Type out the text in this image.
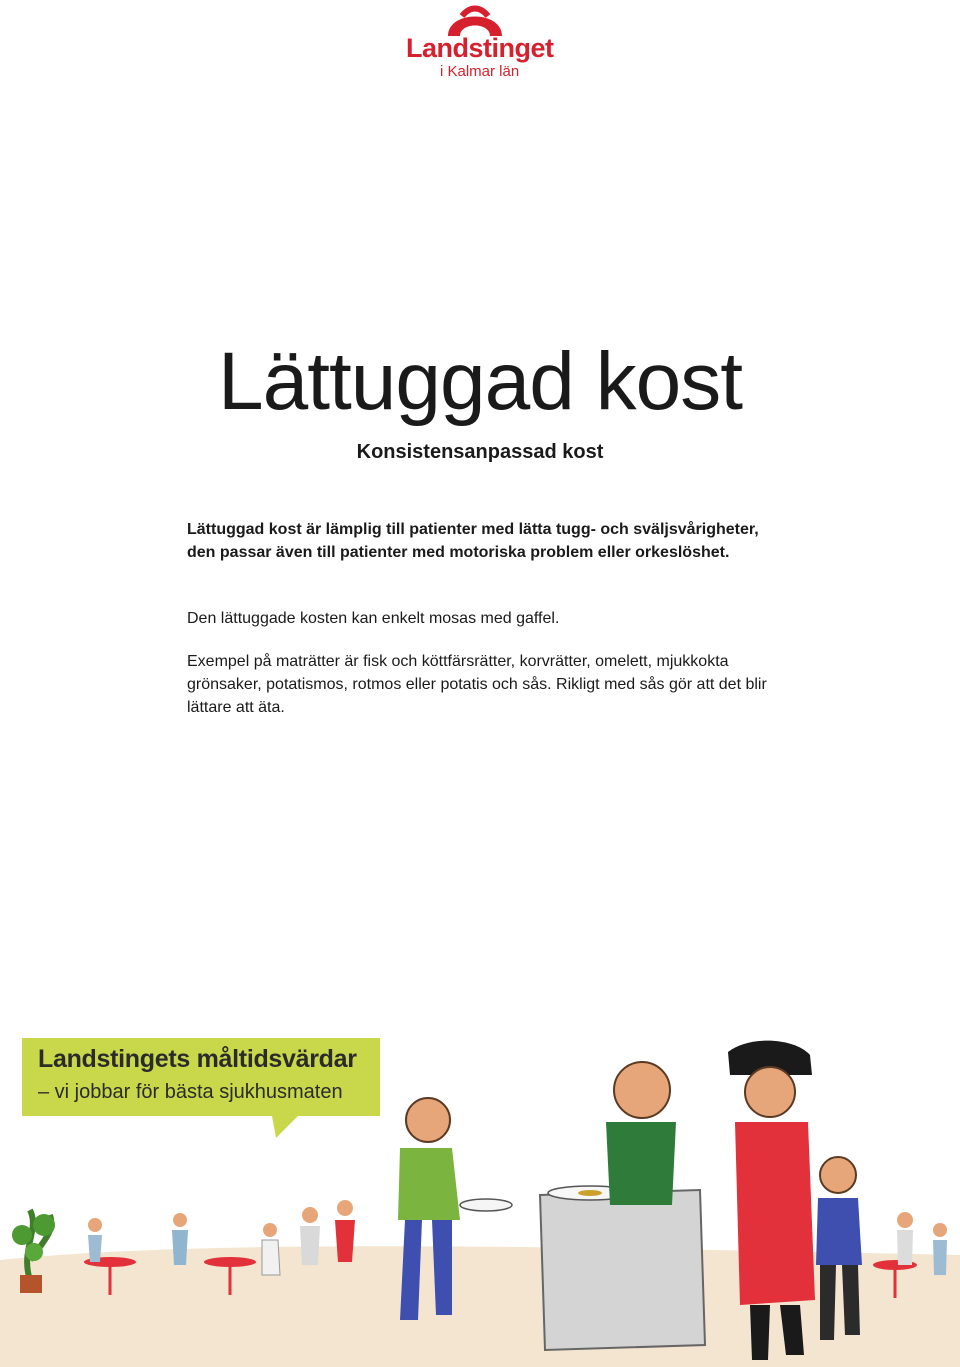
Landstinget
i Kalmar län
Lättuggad kost
Konsistensanpassad kost

Lättuggad kost är lämplig till patienter med lätta tugg- och sväljsvårigheter, den passar även till patienter med motoriska problem eller orkeslöshet.

Den lättuggade kosten kan enkelt mosas med gaffel.

Exempel på maträtter är fisk och köttfärsrätter, korvrätter, omelett, mjukkokta grönsaker, potatismos, rotmos eller potatis och sås. Rikligt med sås gör att det blir lättare att äta.

Landstingets måltidsvärdar
– vi jobbar för bästa sjukhusmaten
